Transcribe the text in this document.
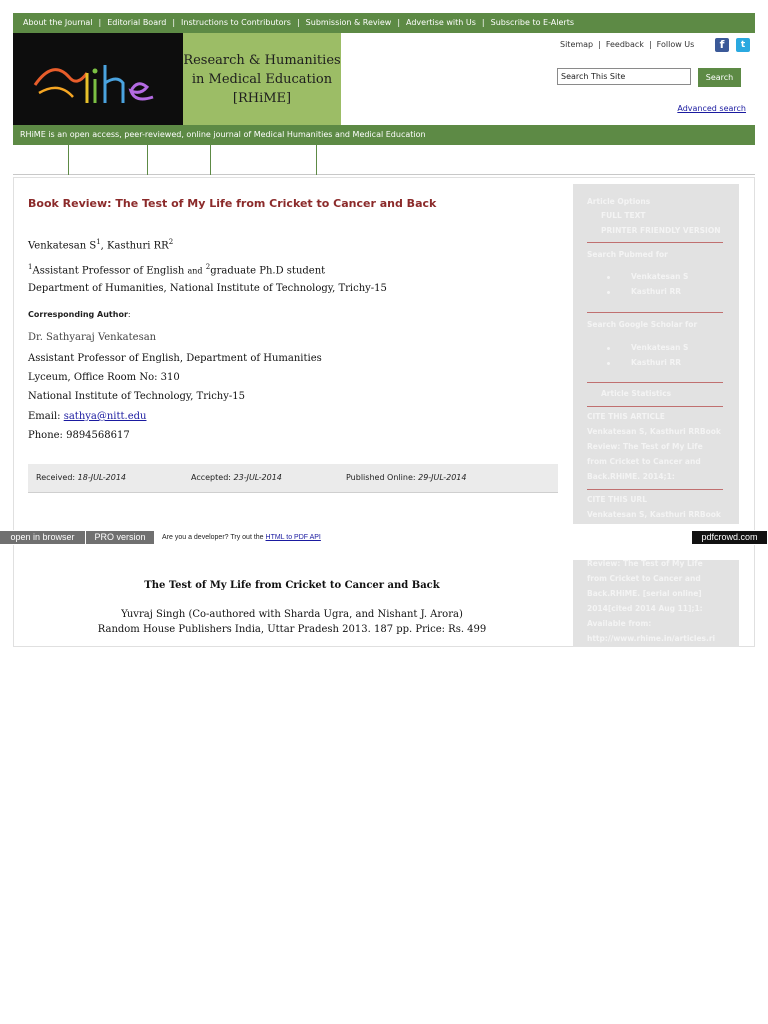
About the Journal | Editorial Board | Instructions to Contributors | Submission & Review | Advertise with Us | Subscribe to E-Alerts
Research & Humanities
in Medical Education
[RHiME]
Sitemap | Feedback | Follow Us	f	t
Search This Site
Search
Advanced search
RHiME is an open access, peer-reviewed, online journal of Medical Humanities and Medical Education
Book Review: The Test of My Life from Cricket to Cancer and Back
Venkatesan $S^1$, Kasthuri $RR^2$
$^1$Assistant Professor of English and $^2$graduate Ph.D student
Department of Humanities, National Institute of Technology, Trichy-15
Corresponding Author:
Dr. Sathyaraj Venkatesan
Assistant Professor of English, Department of Humanities
Lyceum, Office Room No: 310
National Institute of Technology, Trichy-15
Email: sathya@nitt.edu
Phone: 9894568617
Received: 18-JUL-2014	Accepted: 23-JUL-2014	Published Online: 29-JUL-2014
Article Options
FULL TEXT
PRINTER FRIENDLY VERSION
Search Pubmed for
Venkatesan S
Kasthuri RR
Search Google Scholar for
Venkatesan S
Kasthuri RR
Article Statistics
CITE THIS ARTICLE
Venkatesan S, Kasthuri RRBook
Review: The Test of My Life
from Cricket to Cancer and
Back.RHiME. 2014;1:
CITE THIS URL
Venkatesan S, Kasthuri RRBook
Review: The Test of My Life
from Cricket to Cancer and
Back.RHiME. [serial online]
2014[cited 2014 Aug 11];1:
Available from:
http://www.rhime.in/articles.ri
open in browser	PRO version	Are you a developer? Try out the HTML to PDF API	pdfcrowd.com
The Test of My Life from Cricket to Cancer and Back
Yuvraj Singh (Co-authored with Sharda Ugra, and Nishant J. Arora)
Random House Publishers India, Uttar Pradesh 2013. 187 pp. Price: Rs. 499
